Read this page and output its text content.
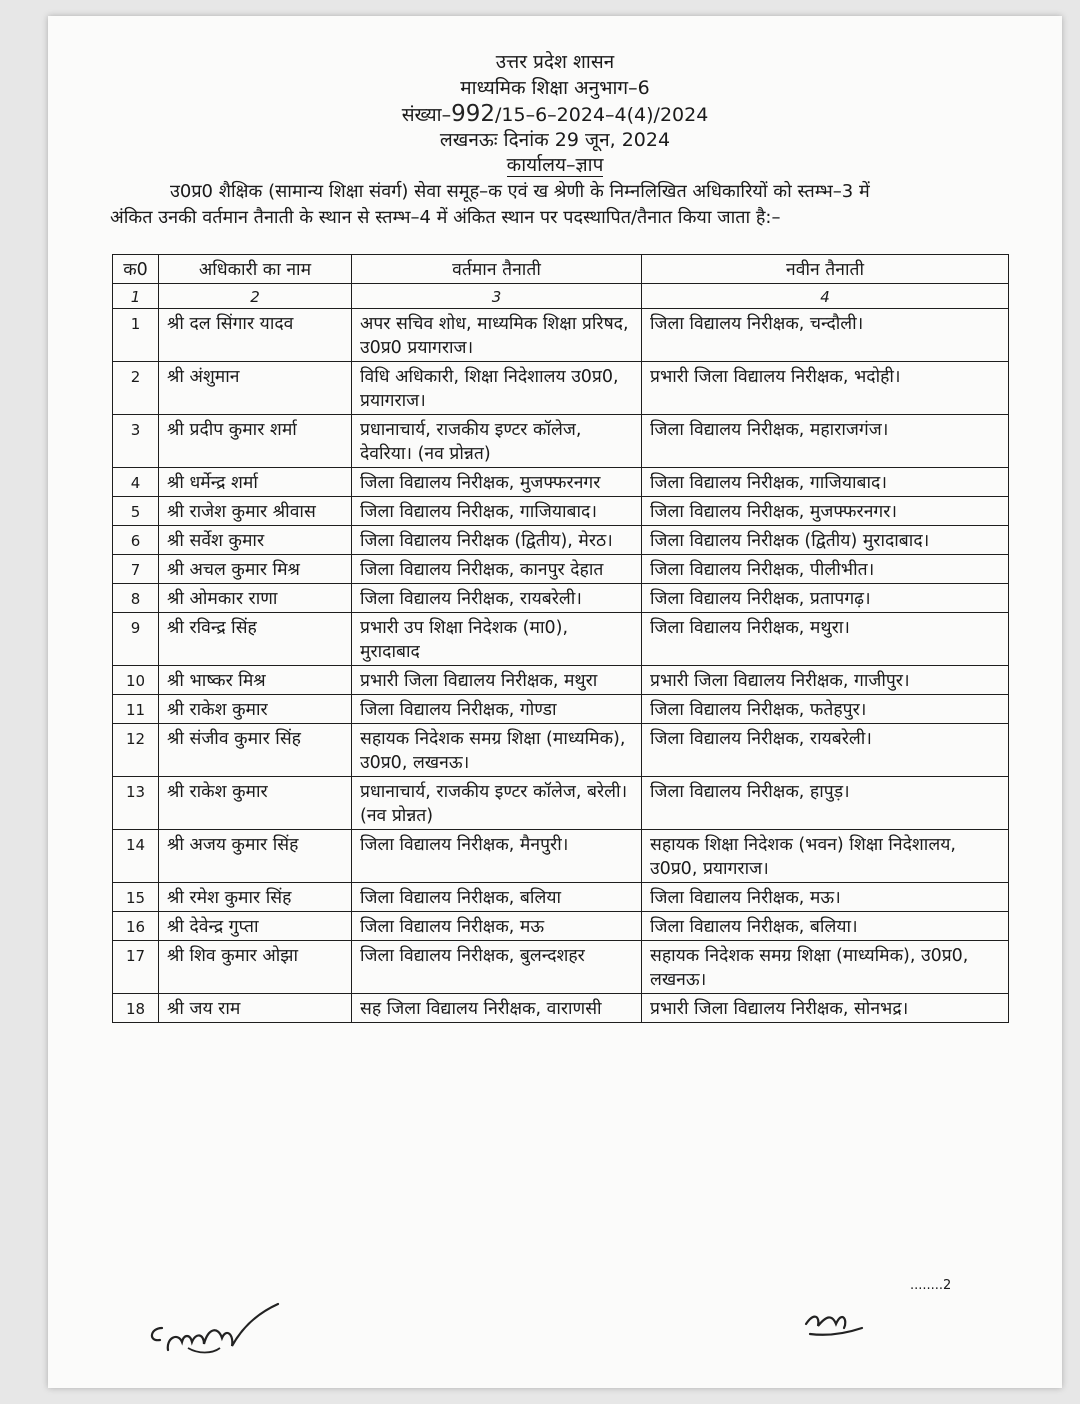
उत्तर प्रदेश शासन
माध्यमिक शिक्षा अनुभाग–6
संख्या–992/15–6–2024–4(4)/2024
लखनऊः दिनांक 29 जून, 2024
कार्यालय–ज्ञाप
उ0प्र0 शैक्षिक (सामान्य शिक्षा संवर्ग) सेवा समूह–क एवं ख श्रेणी के निम्नलिखित अधिकारियों को स्तम्भ–3 में
अंकित उनकी वर्तमान तैनाती के स्थान से स्तम्भ–4 में अंकित स्थान पर पदस्थापित/तैनात किया जाता है:–
क0	अधिकारी का नाम	वर्तमान तैनाती	नवीन तैनाती
1	2	3	4
1	श्री दल सिंगार यादव	अपर सचिव शोध, माध्यमिक शिक्षा प्ररिषद, उ0प्र0 प्रयागराज।	जिला विद्यालय निरीक्षक, चन्दौली।
2	श्री अंशुमान	विधि अधिकारी, शिक्षा निदेशालय उ0प्र0, प्रयागराज।	प्रभारी जिला विद्यालय निरीक्षक, भदोही।
3	श्री प्रदीप कुमार शर्मा	प्रधानाचार्य, राजकीय इण्टर कॉलेज, देवरिया। (नव प्रोन्नत)	जिला विद्यालय निरीक्षक, महाराजगंज।
4	श्री धर्मेन्द्र शर्मा	जिला विद्यालय निरीक्षक, मुजफ्फरनगर	जिला विद्यालय निरीक्षक, गाजियाबाद।
5	श्री राजेश कुमार श्रीवास	जिला विद्यालय निरीक्षक, गाजियाबाद।	जिला विद्यालय निरीक्षक, मुजफ्फरनगर।
6	श्री सर्वेश कुमार	जिला विद्यालय निरीक्षक (द्वितीय), मेरठ।	जिला विद्यालय निरीक्षक (द्वितीय) मुरादाबाद।
7	श्री अचल कुमार मिश्र	जिला विद्यालय निरीक्षक, कानपुर देहात	जिला विद्यालय निरीक्षक, पीलीभीत।
8	श्री ओमकार राणा	जिला विद्यालय निरीक्षक, रायबरेली।	जिला विद्यालय निरीक्षक, प्रतापगढ़।
9	श्री रविन्द्र सिंह	प्रभारी उप शिक्षा निदेशक (मा0), मुरादाबाद	जिला विद्यालय निरीक्षक, मथुरा।
10	श्री भाष्कर मिश्र	प्रभारी जिला विद्यालय निरीक्षक, मथुरा	प्रभारी जिला विद्यालय निरीक्षक, गाजीपुर।
11	श्री राकेश कुमार	जिला विद्यालय निरीक्षक, गोण्डा	जिला विद्यालय निरीक्षक, फतेहपुर।
12	श्री संजीव कुमार सिंह	सहायक निदेशक समग्र शिक्षा (माध्यमिक), उ0प्र0, लखनऊ।	जिला विद्यालय निरीक्षक, रायबरेली।
13	श्री राकेश कुमार	प्रधानाचार्य, राजकीय इण्टर कॉलेज, बरेली। (नव प्रोन्नत)	जिला विद्यालय निरीक्षक, हापुड़।
14	श्री अजय कुमार सिंह	जिला विद्यालय निरीक्षक, मैनपुरी।	सहायक शिक्षा निदेशक (भवन) शिक्षा निदेशालय, उ0प्र0, प्रयागराज।
15	श्री रमेश कुमार सिंह	जिला विद्यालय निरीक्षक, बलिया	जिला विद्यालय निरीक्षक, मऊ।
16	श्री देवेन्द्र गुप्ता	जिला विद्यालय निरीक्षक, मऊ	जिला विद्यालय निरीक्षक, बलिया।
17	श्री शिव कुमार ओझा	जिला विद्यालय निरीक्षक, बुलन्दशहर	सहायक निदेशक समग्र शिक्षा (माध्यमिक), उ0प्र0, लखनऊ।
18	श्री जय राम	सह जिला विद्यालय निरीक्षक, वाराणसी	प्रभारी जिला विद्यालय निरीक्षक, सोनभद्र।
........2
